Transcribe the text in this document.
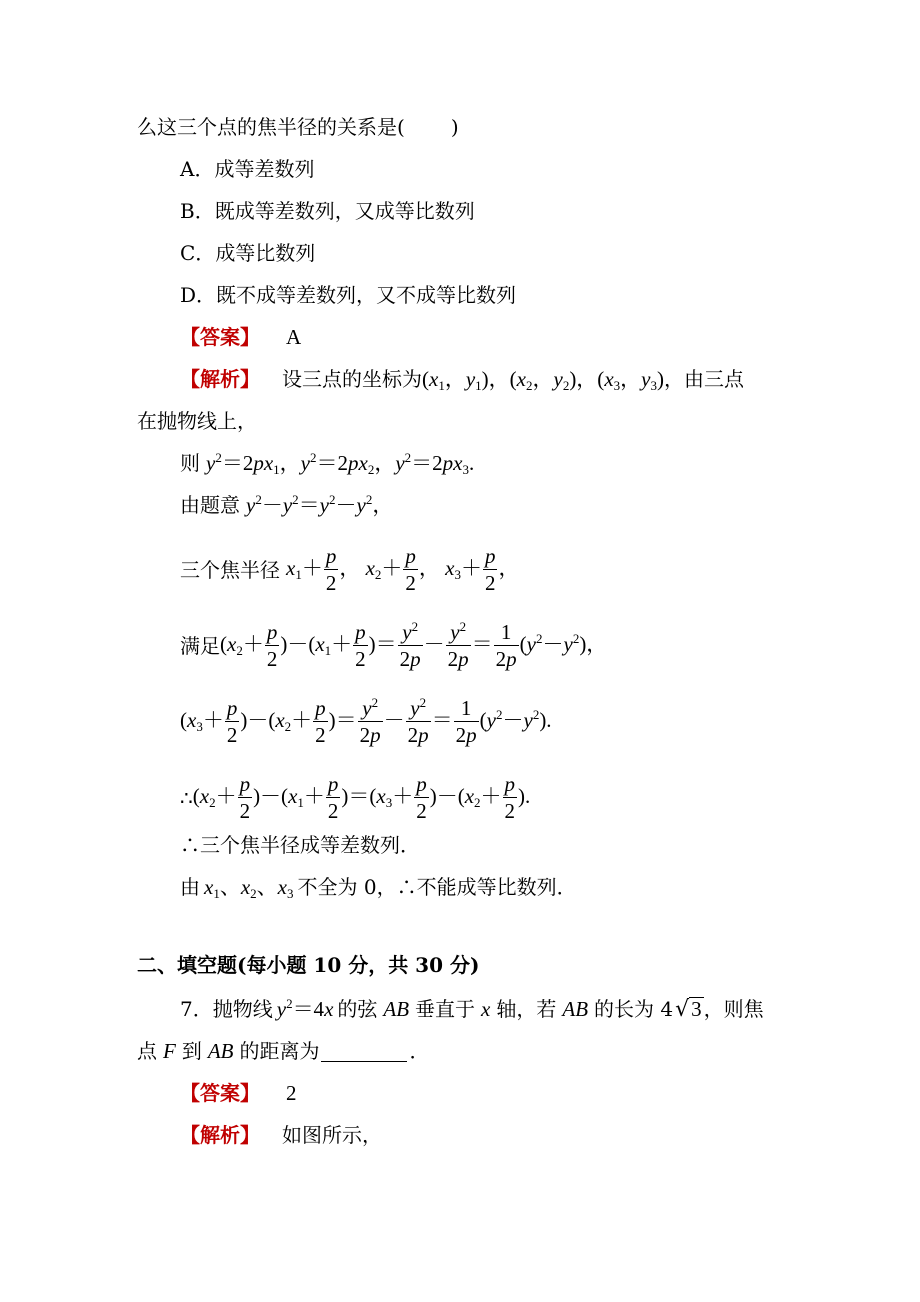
么这三个点的焦半径的关系是( )
A． 成等差数列
B． 既成等差数列，又成等比数列
C． 成等比数列
D． 既不成等差数列，又不成等比数列
【答案】 A
【解析】 设三点的坐标为 ($x_1$，$y_1$)，($x_2$，$y_2$)，($x_3$，$y_3$) ，由三点
在抛物线上，
则 $y^2=2px_1$，$y^2=2px_2$，$y^2=2px_3$.
由题意 $y^2-y^2=y^2-y^2$，
三个焦半径 $x_1+ \frac{p}{2}$ ， $x_2+ \frac{p}{2}$ ， $x_3+ \frac{p}{2}$ ，
满足 $(x_2+ \frac{p}{2} )-(x_1+ \frac{p}{2}$ )＝ $\frac{y^2}{2p} - \frac{y^2}{2p} = \frac{1}{2p} (y^2-y^2)$，
$(x_3+ \frac{p}{2} )-(x_2+ \frac{p}{2}$ )＝ $\frac{y^2}{2p} - \frac{y^2}{2p} = \frac{1}{2p} (y^2-y^2)$.
∴ $(x_2+ \frac{p}{2} )-(x_1+ \frac{p}{2} )=(x_3+ \frac{p}{2} )-(x_2+ \frac{p}{2}$ ).
∴三个焦半径成等差数列．
由 $x_1$、$x_2$、$x_3$ 不全为 0，∴不能成等比数列．
二、填空题(每小题 10 分，共 30 分)
7． 抛物线 $y^2=4x$ 的弦 AB 垂直于 x 轴，若 AB 的长为 4 √ 3 ，则焦
点 F 到 AB 的距离为	．
【答案】 2
【解析】 如图所示，
